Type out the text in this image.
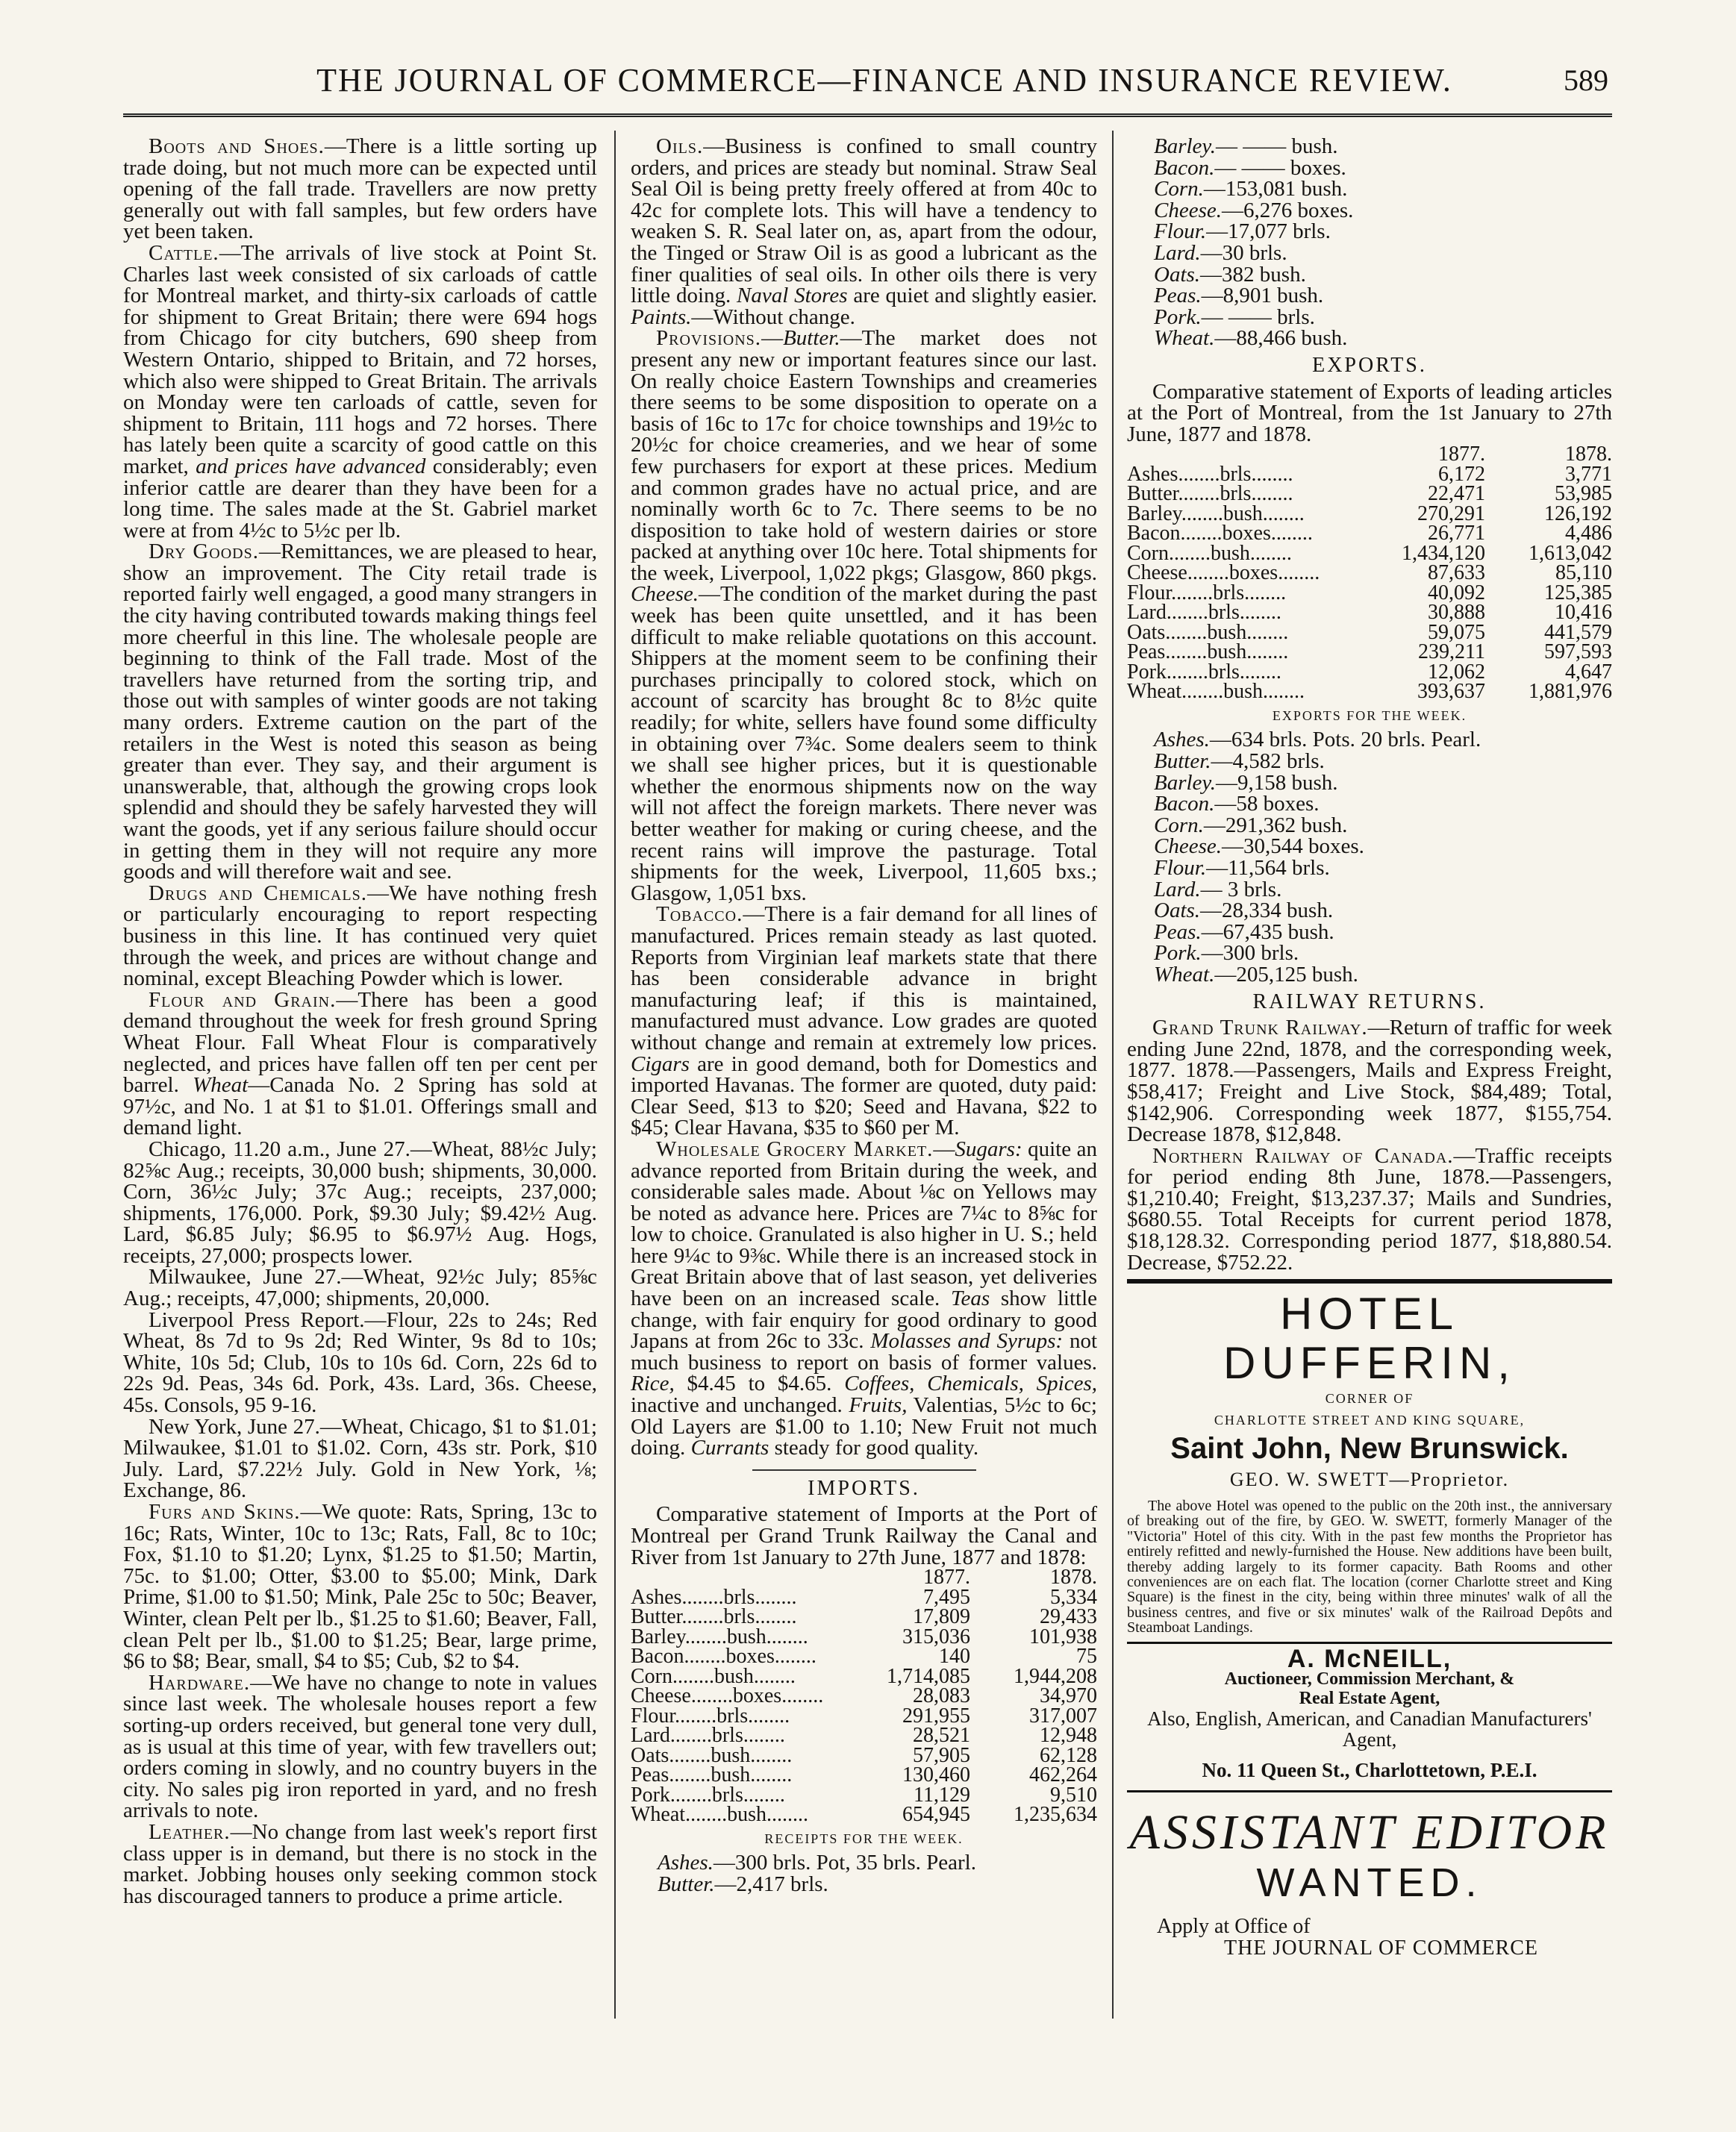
THE JOURNAL OF COMMERCE—FINANCE AND INSURANCE REVIEW.	589

Boots and Shoes.—There is a little sorting up trade doing, but not much more can be expected until opening of the fall trade. Travellers are now pretty generally out with fall samples, but few orders have yet been taken.

Cattle.—The arrivals of live stock at Point St. Charles last week consisted of six carloads of cattle for Montreal market, and thirty-six carloads of cattle for shipment to Great Britain; there were 694 hogs from Chicago for city butchers, 690 sheep from Western Ontario, shipped to Britain, and 72 horses, which also were shipped to Great Britain. The arrivals on Monday were ten carloads of cattle, seven for shipment to Britain, 111 hogs and 72 horses. There has lately been quite a scarcity of good cattle on this market, and prices have advanced considerably; even inferior cattle are dearer than they have been for a long time. The sales made at the St. Gabriel market were at from 4½c to 5½c per lb.

Dry Goods.—Remittances, we are pleased to hear, show an improvement. The City retail trade is reported fairly well engaged, a good many strangers in the city having contributed towards making things feel more cheerful in this line. The wholesale people are beginning to think of the Fall trade. Most of the travellers have returned from the sorting trip, and those out with samples of winter goods are not taking many orders. Extreme caution on the part of the retailers in the West is noted this season as being greater than ever. They say, and their argument is unanswerable, that, although the growing crops look splendid and should they be safely harvested they will want the goods, yet if any serious failure should occur in getting them in they will not require any more goods and will therefore wait and see.

Drugs and Chemicals.—We have nothing fresh or particularly encouraging to report respecting business in this line. It has continued very quiet through the week, and prices are without change and nominal, except Bleaching Powder which is lower.

Flour and Grain.—There has been a good demand throughout the week for fresh ground Spring Wheat Flour. Fall Wheat Flour is comparatively neglected, and prices have fallen off ten per cent per barrel. Wheat—Canada No. 2 Spring has sold at 97½c, and No. 1 at $1 to $1.01. Offerings small and demand light.

Chicago, 11.20 a.m., June 27.—Wheat, 88½c July; 82⅝c Aug.; receipts, 30,000 bush; shipments, 30,000. Corn, 36½c July; 37c Aug.; receipts, 237,000; shipments, 176,000. Pork, $9.30 July; $9.42½ Aug. Lard, $6.85 July; $6.95 to $6.97½ Aug. Hogs, receipts, 27,000; prospects lower.

Milwaukee, June 27.—Wheat, 92½c July; 85⅝c Aug.; receipts, 47,000; shipments, 20,000.

Liverpool Press Report.—Flour, 22s to 24s; Red Wheat, 8s 7d to 9s 2d; Red Winter, 9s 8d to 10s; White, 10s 5d; Club, 10s to 10s 6d. Corn, 22s 6d to 22s 9d. Peas, 34s 6d. Pork, 43s. Lard, 36s. Cheese, 45s. Consols, 95 9-16.

New York, June 27.—Wheat, Chicago, $1 to $1.01; Milwaukee, $1.01 to $1.02. Corn, 43s str. Pork, $10 July. Lard, $7.22½ July. Gold in New York, ⅛; Exchange, 86.

Furs and Skins.—We quote: Rats, Spring, 13c to 16c; Rats, Winter, 10c to 13c; Rats, Fall, 8c to 10c; Fox, $1.10 to $1.20; Lynx, $1.25 to $1.50; Martin, 75c. to $1.00; Otter, $3.00 to $5.00; Mink, Dark Prime, $1.00 to $1.50; Mink, Pale 25c to 50c; Beaver, Winter, clean Pelt per lb., $1.25 to $1.60; Beaver, Fall, clean Pelt per lb., $1.00 to $1.25; Bear, large prime, $6 to $8; Bear, small, $4 to $5; Cub, $2 to $4.

Hardware.—We have no change to note in values since last week. The wholesale houses report a few sorting-up orders received, but general tone very dull, as is usual at this time of year, with few travellers out; orders coming in slowly, and no country buyers in the city. No sales pig iron reported in yard, and no fresh arrivals to note.

Leather.—No change from last week's report first class upper is in demand, but there is no stock in the market. Jobbing houses only seeking common stock has discouraged tanners to produce a prime article.

Oils.—Business is confined to small country orders, and prices are steady but nominal. Straw Seal Seal Oil is being pretty freely offered at from 40c to 42c for complete lots. This will have a tendency to weaken S. R. Seal later on, as, apart from the odour, the Tinged or Straw Oil is as good a lubricant as the finer qualities of seal oils. In other oils there is very little doing. Naval Stores are quiet and slightly easier. Paints.—Without change.

Provisions.—Butter.—The market does not present any new or important features since our last. On really choice Eastern Townships and creameries there seems to be some disposition to operate on a basis of 16c to 17c for choice townships and 19½c to 20½c for choice creameries, and we hear of some few purchasers for export at these prices. Medium and common grades have no actual price, and are nominally worth 6c to 7c. There seems to be no disposition to take hold of western dairies or store packed at anything over 10c here. Total shipments for the week, Liverpool, 1,022 pkgs; Glasgow, 860 pkgs. Cheese.—The condition of the market during the past week has been quite unsettled, and it has been difficult to make reliable quotations on this account. Shippers at the moment seem to be confining their purchases principally to colored stock, which on account of scarcity has brought 8c to 8½c quite readily; for white, sellers have found some difficulty in obtaining over 7¾c. Some dealers seem to think we shall see higher prices, but it is questionable whether the enormous shipments now on the way will not affect the foreign markets. There never was better weather for making or curing cheese, and the recent rains will improve the pasturage. Total shipments for the week, Liverpool, 11,605 bxs.; Glasgow, 1,051 bxs.

Tobacco.—There is a fair demand for all lines of manufactured. Prices remain steady as last quoted. Reports from Virginian leaf markets state that there has been considerable advance in bright manufacturing leaf; if this is maintained, manufactured must advance. Low grades are quoted without change and remain at extremely low prices. Cigars are in good demand, both for Domestics and imported Havanas. The former are quoted, duty paid: Clear Seed, $13 to $20; Seed and Havana, $22 to $45; Clear Havana, $35 to $60 per M.

Wholesale Grocery Market.—Sugars: quite an advance reported from Britain during the week, and considerable sales made. About ⅛c on Yellows may be noted as advance here. Prices are 7¼c to 8⅝c for low to choice. Granulated is also higher in U. S.; held here 9¼c to 9⅜c. While there is an increased stock in Great Britain above that of last season, yet deliveries have been on an increased scale. Teas show little change, with fair enquiry for good ordinary to good Japans at from 26c to 33c. Molasses and Syrups: not much business to report on basis of former values. Rice, $4.45 to $4.65. Coffees, Chemicals, Spices, inactive and unchanged. Fruits, Valentias, 5½c to 6c; Old Layers are $1.00 to 1.10; New Fruit not much doing. Currants steady for good quality.

IMPORTS.

Comparative statement of Imports at the Port of Montreal per Grand Trunk Railway the Canal and River from 1st January to 27th June, 1877 and 1878:

	1877.	1878.
Ashes........brls........	7,495	5,334
Butter........brls........	17,809	29,433
Barley........bush........	315,036	101,938
Bacon........boxes........	140	75
Corn........bush........	1,714,085	1,944,208
Cheese........boxes........	28,083	34,970
Flour........brls........	291,955	317,007
Lard........brls........	28,521	12,948
Oats........bush........	57,905	62,128
Peas........bush........	130,460	462,264
Pork........brls........	11,129	9,510
Wheat........bush........	654,945	1,235,634
RECEIPTS FOR THE WEEK.

Ashes.—300 brls. Pot, 35 brls. Pearl.

Butter.—2,417 brls.

Barley.— —— bush.

Bacon.— —— boxes.

Corn.—153,081 bush.

Cheese.—6,276 boxes.

Flour.—17,077 brls.

Lard.—30 brls.

Oats.—382 bush.

Peas.—8,901 bush.

Pork.— —— brls.

Wheat.—88,466 bush.

EXPORTS.

Comparative statement of Exports of leading articles at the Port of Montreal, from the 1st January to 27th June, 1877 and 1878.

	1877.	1878.
Ashes........brls........	6,172	3,771
Butter........brls........	22,471	53,985
Barley........bush........	270,291	126,192
Bacon........boxes........	26,771	4,486
Corn........bush........	1,434,120	1,613,042
Cheese........boxes........	87,633	85,110
Flour........brls........	40,092	125,385
Lard........brls........	30,888	10,416
Oats........bush........	59,075	441,579
Peas........bush........	239,211	597,593
Pork........brls........	12,062	4,647
Wheat........bush........	393,637	1,881,976
EXPORTS FOR THE WEEK.

Ashes.—634 brls. Pots. 20 brls. Pearl.

Butter.—4,582 brls.

Barley.—9,158 bush.

Bacon.—58 boxes.

Corn.—291,362 bush.

Cheese.—30,544 boxes.

Flour.—11,564 brls.

Lard.— 3 brls.

Oats.—28,334 bush.

Peas.—67,435 bush.

Pork.—300 brls.

Wheat.—205,125 bush.

RAILWAY RETURNS.

Grand Trunk Railway.—Return of traffic for week ending June 22nd, 1878, and the corresponding week, 1877. 1878.—Passengers, Mails and Express Freight, $58,417; Freight and Live Stock, $84,489; Total, $142,906. Corresponding week 1877, $155,754. Decrease 1878, $12,848.

Northern Railway of Canada.—Traffic receipts for period ending 8th June, 1878.—Passengers, $1,210.40; Freight, $13,237.37; Mails and Sundries, $680.55. Total Receipts for current period 1878, $18,128.32. Corresponding period 1877, $18,880.54. Decrease, $752.22.

HOTEL DUFFERIN,
CORNER OF
CHARLOTTE STREET AND KING SQUARE,
Saint John, New Brunswick.
GEO. W. SWETT—Proprietor.

The above Hotel was opened to the public on the 20th inst., the anniversary of breaking out of the fire, by GEO. W. SWETT, formerly Manager of the "Victoria" Hotel of this city. With in the past few months the Proprietor has entirely refitted and newly-furnished the House. New additions have been built, thereby adding largely to its former capacity. Bath Rooms and other conveniences are on each flat. The location (corner Charlotte street and King Square) is the finest in the city, being within three minutes' walk of all the business centres, and five or six minutes' walk of the Railroad Depôts and Steamboat Landings.

A. McNEILL,
Auctioneer, Commission Merchant, &
Real Estate Agent,
Also, English, American, and Canadian Manufacturers' Agent,
No. 11 Queen St., Charlottetown, P.E.I.
ASSISTANT EDITOR
WANTED.
Apply at Office of
THE JOURNAL OF COMMERCE
